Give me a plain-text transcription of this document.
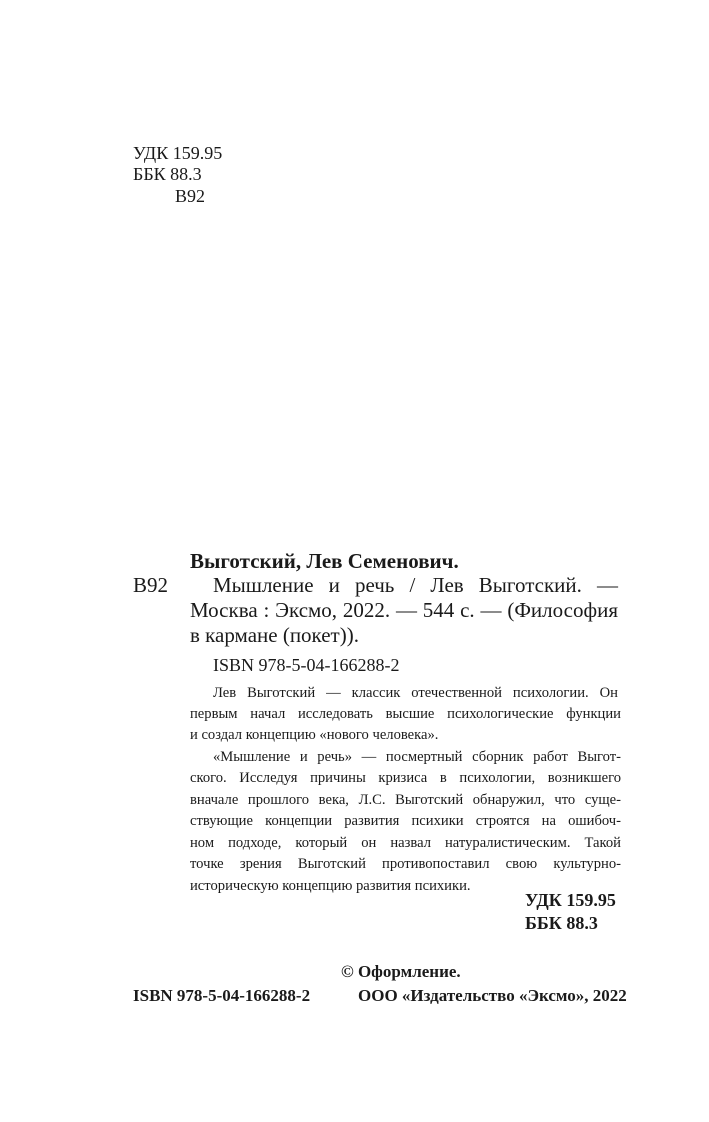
УДК 159.95
ББК 88.3
В92
Выготский, Лев Семенович.
В92 Мышление и речь / Лев Выготский. —
Москва : Эксмо, 2022. — 544 с. — (Философия
в кармане (покет)).
ISBN 978-5-04-166288-2
Лев Выготский — классик отечественной психологии. Он
первым начал исследовать высшие психологические функции
и создал концепцию «нового человека».
«Мышление и речь» — посмертный сборник работ Выгот-
ского. Исследуя причины кризиса в психологии, возникшего
вначале прошлого века, Л.С. Выготский обнаружил, что суще-
ствующие концепции развития психики строятся на ошибоч-
ном подходе, который он назвал натуралистическим. Такой
точке зрения Выготский противопоставил свою культурно-
историческую концепцию развития психики.
УДК 159.95
ББК 88.3
© Оформление.
ISBN 978-5-04-166288-2	ООО «Издательство «Эксмо», 2022
